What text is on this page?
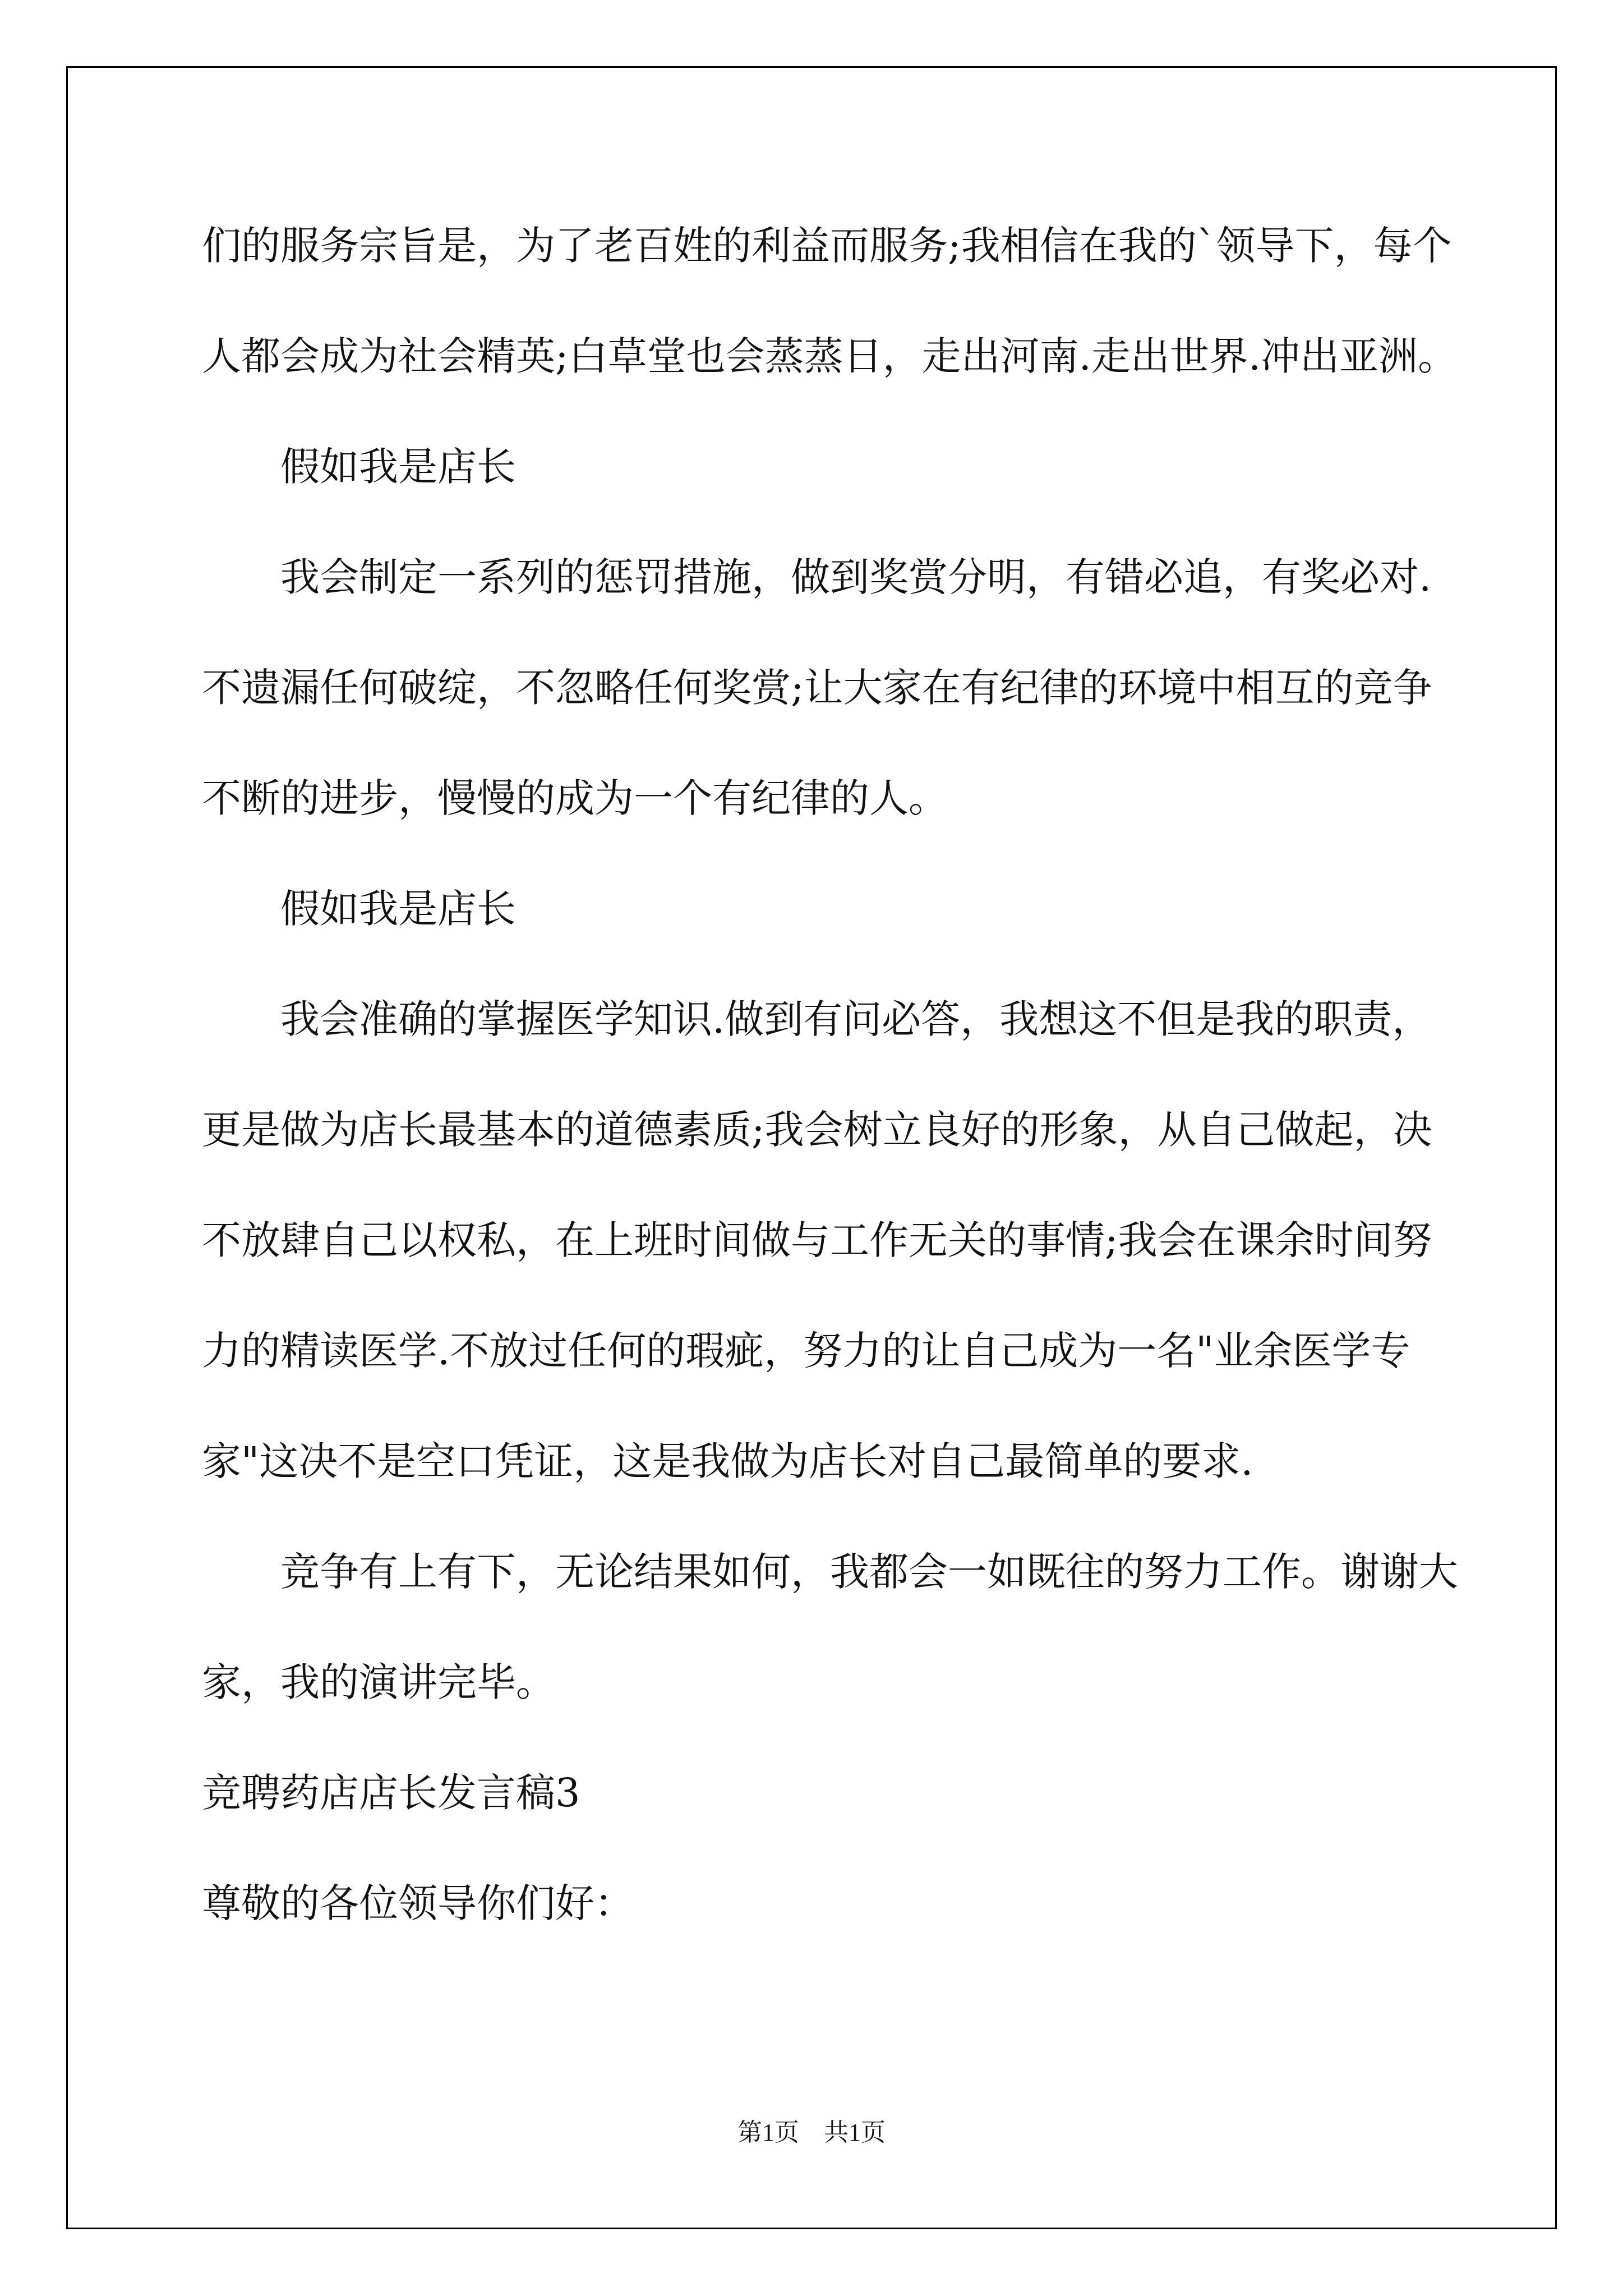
们的服务宗旨是，为了老百姓的利益而服务;我相信在我的`领导下，每个人都会成为社会精英;白草堂也会蒸蒸日，走出河南.走出世界.冲出亚洲。

假如我是店长

我会制定一系列的惩罚措施，做到奖赏分明，有错必追，有奖必对.不遗漏任何破绽，不忽略任何奖赏;让大家在有纪律的环境中相互的竞争不断的进步，慢慢的成为一个有纪律的人。

假如我是店长

我会准确的掌握医学知识.做到有问必答，我想这不但是我的职责，更是做为店长最基本的道德素质;我会树立良好的形象，从自己做起，决不放肆自己以权私，在上班时间做与工作无关的事情;我会在课余时间努力的精读医学.不放过任何的瑕疵，努力的让自己成为一名"业余医学专家"这决不是空口凭证，这是我做为店长对自己最简单的要求.

竞争有上有下，无论结果如何，我都会一如既往的努力工作。谢谢大家，我的演讲完毕。

竞聘药店店长发言稿3

尊敬的各位领导你们好：

第1页　共1页
